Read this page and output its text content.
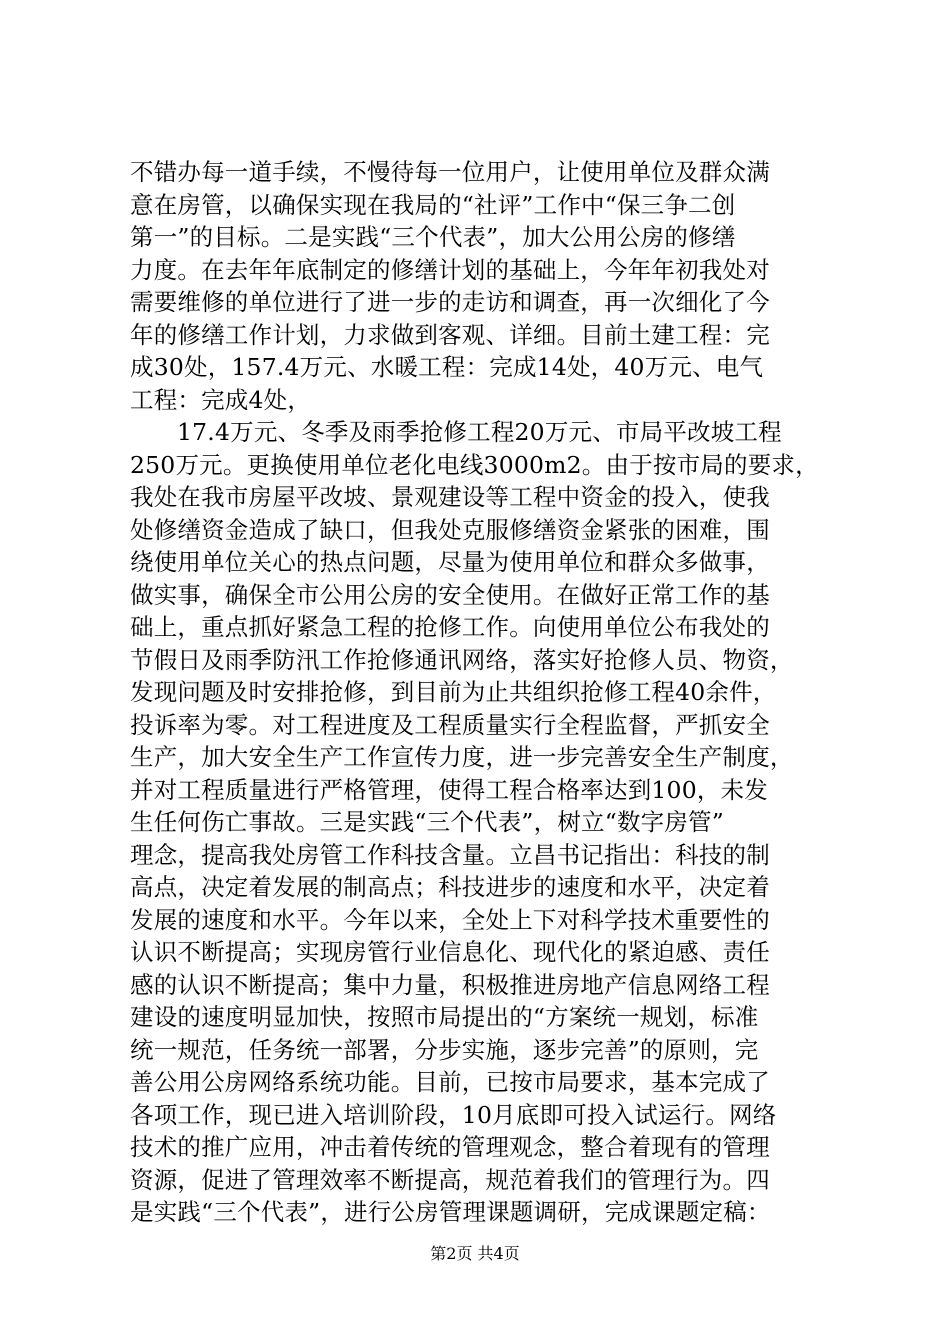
不错办每一道手续，不慢待每一位用户，让使用单位及群众满
意在房管，以确保实现在我局的“社评”工作中“保三争二创
第一”的目标。二是实践“三个代表”，加大公用公房的修缮
力度。在去年年底制定的修缮计划的基础上，今年年初我处对
需要维修的单位进行了进一步的走访和调查，再一次细化了今
年的修缮工作计划，力求做到客观、详细。目前土建工程：完
成30处，157.4万元、水暖工程：完成14处，40万元、电气
工程：完成4处，
17.4万元、冬季及雨季抢修工程20万元、市局平改坡工程
250万元。更换使用单位老化电线3000m2。由于按市局的要求，
我处在我市房屋平改坡、景观建设等工程中资金的投入，使我
处修缮资金造成了缺口，但我处克服修缮资金紧张的困难，围
绕使用单位关心的热点问题，尽量为使用单位和群众多做事，
做实事，确保全市公用公房的安全使用。在做好正常工作的基
础上，重点抓好紧急工程的抢修工作。向使用单位公布我处的
节假日及雨季防汛工作抢修通讯网络，落实好抢修人员、物资，
发现问题及时安排抢修，到目前为止共组织抢修工程40余件，
投诉率为零。对工程进度及工程质量实行全程监督，严抓安全
生产，加大安全生产工作宣传力度，进一步完善安全生产制度，
并对工程质量进行严格管理，使得工程合格率达到100，未发
生任何伤亡事故。三是实践“三个代表”，树立“数字房管”
理念，提高我处房管工作科技含量。立昌书记指出：科技的制
高点，决定着发展的制高点；科技进步的速度和水平，决定着
发展的速度和水平。今年以来，全处上下对科学技术重要性的
认识不断提高；实现房管行业信息化、现代化的紧迫感、责任
感的认识不断提高；集中力量，积极推进房地产信息网络工程
建设的速度明显加快，按照市局提出的“方案统一规划，标准
统一规范，任务统一部署，分步实施，逐步完善”的原则，完
善公用公房网络系统功能。目前，已按市局要求，基本完成了
各项工作，现已进入培训阶段，10月底即可投入试运行。网络
技术的推广应用，冲击着传统的管理观念，整合着现有的管理
资源，促进了管理效率不断提高，规范着我们的管理行为。四
是实践“三个代表”，进行公房管理课题调研，完成课题定稿：
第2页 共4页
